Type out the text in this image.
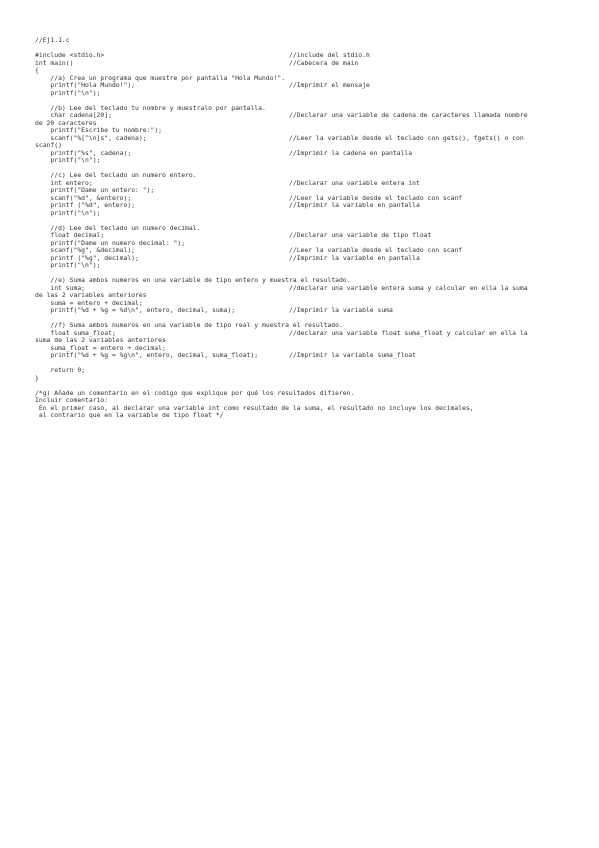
//Ej1.1.c
#include <stdio.h>	//include del stdio.h
int main()	//Cabecera de main
{
//a) Crea un programa que muestre por pantalla "Hola Mundo!".
printf("Hola Mundo!");	//Imprimir el mensaje
printf("\n");
//b) Lee del teclado tu nombre y muestralo por pantalla.
char cadena[20];	//Declarar una variable de cadena de caracteres llamada nombre
de 20 caracteres
printf("Escribe tu nombre:");
scanf("%[^\n]s", cadena);	//Leer la variable desde el teclado con gets(), fgets() o con
scanf()
printf("%s", cadena);	//Imprimir la cadena en pantalla
printf("\n");
//c) Lee del teclado un numero entero.
int entero;	//Declarar una variable entera int
printf("Dame un entero: ");
scanf("%d", &entero);	//Leer la variable desde el teclado con scanf
printf ("%d", entero);	//Imprimir la variable en pantalla
printf("\n");
//d) Lee del teclado un numero decimal.
float decimal;	//Declarar una variable de tipo float
printf("Dame un numero decimal: ");
scanf("%g", &decimal);	//Leer la variable desde el teclado con scanf
printf ("%g", decimal);	//Imprimir la variable en pantalla
printf("\n");
//e) Suma ambos numeros en una variable de tipo entero y muestra el resultado.
int suma;	//declarar una variable entera suma y calcular en ella la suma
de las 2 variables anteriores
suma = entero + decimal;
printf("%d + %g = %d\n", entero, decimal, suma);	//Imprimir la variable suma
//f) Suma ambos numeros en una variable de tipo real y muestra el resultado.
float suma_float;	//declarar una variable float suma_float y calcular en ella la
suma de las 2 variables anteriores
suma_float = entero + decimal;
printf("%d + %g = %g\n", entero, decimal, suma_float);	//Imprimir la variable suma_float
return 0;
}
/*g) Añade un comentario en el codigo que explique por qué los resultados difieren.
Incluir comentario:
En el primer caso, al declarar una variable int como resultado de la suma, el resultado no incluye los decimales,
al contrario que en la variable de tipo float */
